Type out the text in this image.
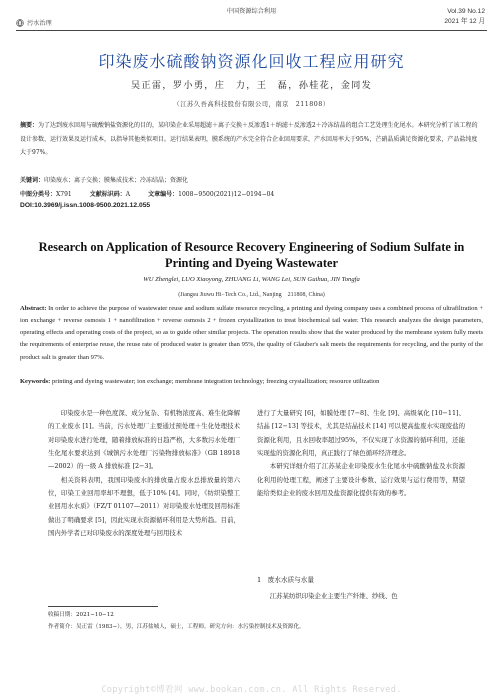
中国资源综合利用
污水治理
Vol.39 No.12
2021 年 12 月
印染废水硫酸钠资源化回收工程应用研究
吴正雷，罗小勇，庄　力，王　磊，孙桂花，金同发
（江苏久吾高科技股份有限公司，南京　211808）
摘要：为了达到废水回用与硫酸钠盐资源化的目的，某印染企业采用超滤＋离子交换＋反渗透1＋纳滤＋反渗透2＋冷冻结晶的组合工艺处理生化尾水。本研究分析了该工程的设计参数、运行效果及运行成本，以指导其他类似项目。运行结果表明，膜系统的产水完全符合企业回用要求，产水回用率大于95%，芒硝晶质满足资源化要求，产品盐纯度大于97%。
关键词：印染废水；离子交换；膜集成技术；冷冻结晶；资源化
中图分类号：X791	文献标识码：A	文章编号：1008−9500(2021)12−0194−04
DOI:10.3969/j.issn.1008-9500.2021.12.055
Research on Application of Resource Recovery Engineering of Sodium Sulfate in Printing and Dyeing Wastewater
WU Zhenglei, LUO Xiaoyong, ZHUANG Li, WANG Lei, SUN Guihua, JIN Tongfa
(Jiangsu Jiuwu Hi−Tech Co., Ltd., Nanjing　211808, China)
Abstract: In order to achieve the purpose of wastewater reuse and sodium sulfate resource recycling, a printing and dyeing company uses a combined process of ultrafiltration + ion exchange + reverse osmosis 1 + nanofiltration + reverse osmosis 2 + frozen crystallization to treat biochemical tail water. This research analyzes the design parameters, operating effects and operating costs of the project, so as to guide other similar projects. The operation results show that the water produced by the membrane system fully meets the requirements of enterprise reuse, the reuse rate of produced water is greater than 95%, the quality of Glauber's salt meets the requirements for recycling, and the purity of the product salt is greater than 97%.
Keywords: printing and dyeing wastewater; ion exchange; membrane integration technology; freezing crystallization; resource utilization
印染废水是一种色度深、成分复杂、有机物浓度高、难生化降解的工业废水 [1]。当前，污水处理厂主要通过预处理＋生化处理技术对印染废水进行处理，随着排放标准的日趋严格，大多数污水处理厂生化尾水要求达到《城镇污水处理厂污染物排放标准》（GB 18918—2002）的一级 A 排放标准 [2−3]。
相关资料表明，我国印染废水的排放量占废水总排放量的第六位，印染工业回用率却不理想，低于10% [4]。同时，《纺织染整工业回用水水质》（FZ/T 01107—2011）对印染废水处理及回用标准做出了明确要求 [5]，因此实现水资源循环利用是大势所趋。目前，国内外学者已对印染废水的深度处理与回用技术
进行了大量研究 [6]，如膜处理 [7−8]、生化 [9]、高级氧化 [10−11]、结晶 [12−13] 等技术，尤其是结晶技术 [14] 可以使高盐废水实现废盐的资源化利用，且水回收率超过95%，不仅实现了水资源的循环利用，还能实现盐的资源化利用，真正践行了绿色循环经济理念。
本研究详细介绍了江苏某企业印染废水生化尾水中硫酸钠盐及水资源化利用的处理工程，阐述了主要设计参数、运行效果与运行费用等，期望能给类似企业的废水回用及盐资源化提供有效的参考。
1　废水水质与水量
江苏某纺织印染企业主要生产纤维、纱线、色
收稿日期：2021−10−12
作者简介：吴正雷（1983−），男，江苏盐城人，硕士，工程师。研究方向：水污染控制技术及资源化。
Copyright©博看网 www.bookan.com.cn. All Rights Reserved.
